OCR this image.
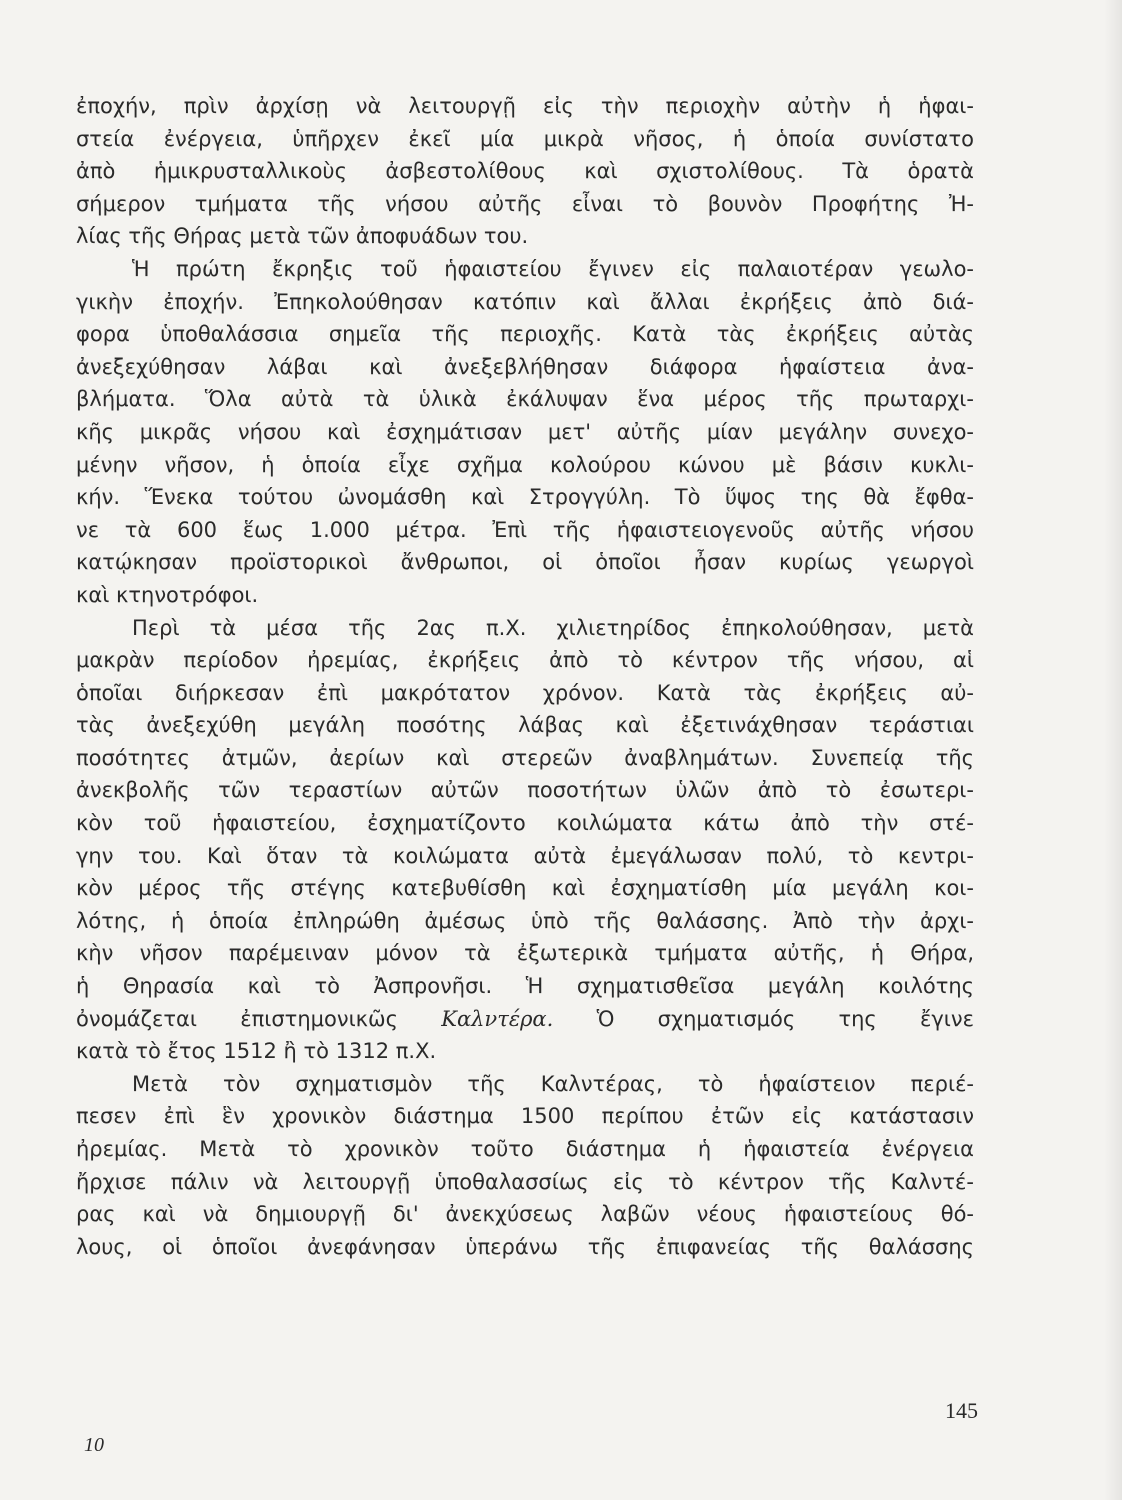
ἐποχήν, πρὶν ἀρχίσῃ νὰ λειτουργῇ εἰς τὴν περιοχὴν αὐτὴν ἡ ἡφαι-
στεία ἐνέργεια, ὑπῆρχεν ἐκεῖ μία μικρὰ νῆσος, ἡ ὁποία συνίστατο
ἀπὸ ἡμικρυσταλλικοὺς ἀσβεστολίθους καὶ σχιστολίθους. Τὰ ὁρατὰ
σήμερον τμήματα τῆς νήσου αὐτῆς εἶναι τὸ βουνὸν Προφήτης Ἠ-
λίας τῆς Θήρας μετὰ τῶν ἀποφυάδων του.
Ἡ πρώτη ἔκρηξις τοῦ ἡφαιστείου ἔγινεν εἰς παλαιοτέραν γεωλο-
γικὴν ἐποχήν. Ἐπηκολούθησαν κατόπιν καὶ ἄλλαι ἐκρήξεις ἀπὸ διά-
φορα ὑποθαλάσσια σημεῖα τῆς περιοχῆς. Κατὰ τὰς ἐκρήξεις αὐτὰς
ἀνεξεχύθησαν λάβαι καὶ ἀνεξεβλήθησαν διάφορα ἡφαίστεια ἀνα-
βλήματα. Ὅλα αὐτὰ τὰ ὑλικὰ ἐκάλυψαν ἕνα μέρος τῆς πρωταρχι-
κῆς μικρᾶς νήσου καὶ ἐσχημάτισαν μετ' αὐτῆς μίαν μεγάλην συνεχο-
μένην νῆσον, ἡ ὁποία εἶχε σχῆμα κολούρου κώνου μὲ βάσιν κυκλι-
κήν. Ἕνεκα τούτου ὠνομάσθη καὶ Στρογγύλη. Τὸ ὕψος της θὰ ἔφθα-
νε τὰ 600 ἕως 1.000 μέτρα. Ἐπὶ τῆς ἡφαιστειογενοῦς αὐτῆς νήσου
κατῴκησαν προϊστορικοὶ ἄνθρωποι, οἱ ὁποῖοι ἦσαν κυρίως γεωργοὶ
καὶ κτηνοτρόφοι.
Περὶ τὰ μέσα τῆς 2ας π.Χ. χιλιετηρίδος ἐπηκολούθησαν, μετὰ
μακρὰν περίοδον ἠρεμίας, ἐκρήξεις ἀπὸ τὸ κέντρον τῆς νήσου, αἱ
ὁποῖαι διήρκεσαν ἐπὶ μακρότατον χρόνον. Κατὰ τὰς ἐκρήξεις αὐ-
τὰς ἀνεξεχύθη μεγάλη ποσότης λάβας καὶ ἐξετινάχθησαν τεράστιαι
ποσότητες ἀτμῶν, ἀερίων καὶ στερεῶν ἀναβλημάτων. Συνεπείᾳ τῆς
ἀνεκβολῆς τῶν τεραστίων αὐτῶν ποσοτήτων ὑλῶν ἀπὸ τὸ ἐσωτερι-
κὸν τοῦ ἡφαιστείου, ἐσχηματίζοντο κοιλώματα κάτω ἀπὸ τὴν στέ-
γην του. Καὶ ὅταν τὰ κοιλώματα αὐτὰ ἐμεγάλωσαν πολύ, τὸ κεντρι-
κὸν μέρος τῆς στέγης κατεβυθίσθη καὶ ἐσχηματίσθη μία μεγάλη κοι-
λότης, ἡ ὁποία ἐπληρώθη ἀμέσως ὑπὸ τῆς θαλάσσης. Ἀπὸ τὴν ἀρχι-
κὴν νῆσον παρέμειναν μόνον τὰ ἐξωτερικὰ τμήματα αὐτῆς, ἡ Θήρα,
ἡ Θηρασία καὶ τὸ Ἀσπρονῆσι. Ἡ σχηματισθεῖσα μεγάλη κοιλότης
ὀνομάζεται ἐπιστημονικῶς Καλντέρα. Ὁ σχηματισμός της ἔγινε
κατὰ τὸ ἔτος 1512 ἢ τὸ 1312 π.Χ.
Μετὰ τὸν σχηματισμὸν τῆς Καλντέρας, τὸ ἡφαίστειον περιέ-
πεσεν ἐπὶ ἓν χρονικὸν διάστημα 1500 περίπου ἐτῶν εἰς κατάστασιν
ἠρεμίας. Μετὰ τὸ χρονικὸν τοῦτο διάστημα ἡ ἡφαιστεία ἐνέργεια
ἤρχισε πάλιν νὰ λειτουργῇ ὑποθαλασσίως εἰς τὸ κέντρον τῆς Καλντέ-
ρας καὶ νὰ δημιουργῇ δι' ἀνεκχύσεως λαβῶν νέους ἡφαιστείους θό-
λους, οἱ ὁποῖοι ἀνεφάνησαν ὑπεράνω τῆς ἐπιφανείας τῆς θαλάσσης
145
10
